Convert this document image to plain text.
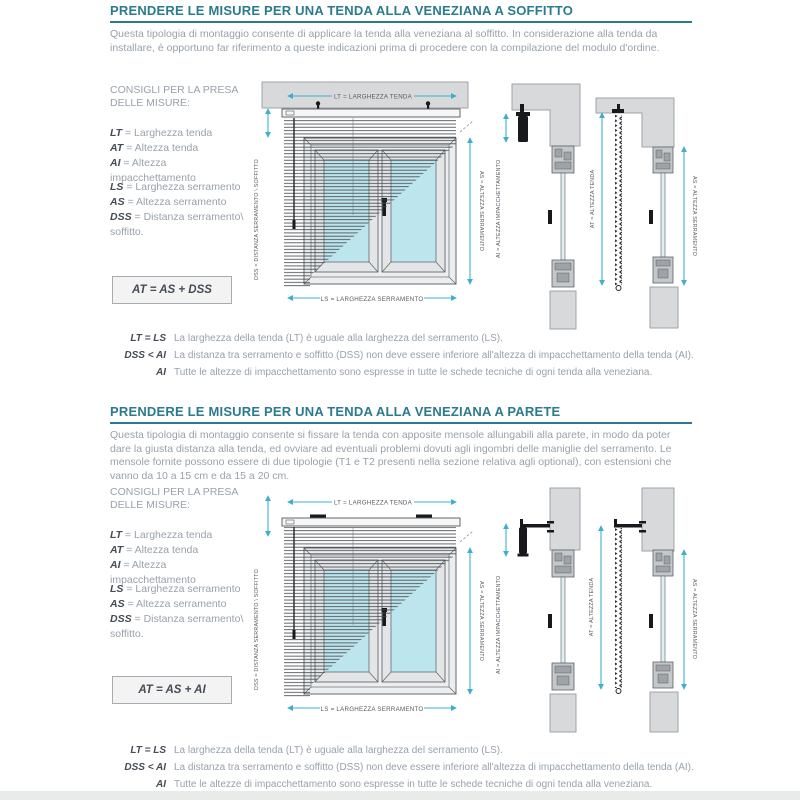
PRENDERE LE MISURE PER UNA TENDA ALLA VENEZIANA A SOFFITTO
Questa tipologia di montaggio consente di applicare la tenda alla veneziana al soffitto. In considerazione alla tenda da installare, è opportuno far riferimento a queste indicazioni prima di procedere con la compilazione del modulo d'ordine.
CONSIGLI PER LA PRESA DELLE MISURE:
LT = Larghezza tenda
AT = Altezza tenda
AI = Altezza impacchettamento
LS = Larghezza serramento
AS = Altezza serramento
DSS = Distanza serramento\ soffitto.
AT = AS + DSS
LT = LARGHEZZA TENDA
DSS = DISTANZA SERRAMENTO \ SOFFITTO	AS = ALTEZZA SERRAMENTO
LS = LARGHEZZA SERRAMENTO
AI = ALTEZZA IMPACCHETTAMENTO	AT = ALTEZZA TENDA	AS = ALTEZZA SERRAMENTO
LT = LS La larghezza della tenda (LT) è uguale alla larghezza del serramento (LS).
DSS < AI La distanza tra serramento e soffitto (DSS) non deve essere inferiore all'altezza di impacchettamento della tenda (AI).
AI Tutte le altezze di impacchettamento sono espresse in tutte le schede tecniche di ogni tenda alla veneziana.
PRENDERE LE MISURE PER UNA TENDA ALLA VENEZIANA A PARETE
Questa tipologia di montaggio consente si fissare la tenda con apposite mensole allungabili alla parete, in modo da poter dare la giusta distanza alla tenda, ed ovviare ad eventuali problemi dovuti agli ingombri delle maniglie del serramento. Le mensole fornite possono essere di due tipologie (T1 e T2 presenti nella sezione relativa agli optional), con estensioni che vanno da 10 a 15 cm e da 15 a 20 cm.
CONSIGLI PER LA PRESA DELLE MISURE:
LT = Larghezza tenda
AT = Altezza tenda
AI = Altezza impacchettamento
LS = Larghezza serramento
AS = Altezza serramento
DSS = Distanza serramento\ soffitto.
AT = AS + AI
LT = LARGHEZZA TENDA
DSS = DISTANZA SERRAMENTO \ SOFFITTO	AS = ALTEZZA SERRAMENTO
LS = LARGHEZZA SERRAMENTO
AI = ALTEZZA IMPACCHETTAMENTO	AT = ALTEZZA TENDA	AS = ALTEZZA SERRAMENTO
LT = LS La larghezza della tenda (LT) è uguale alla larghezza del serramento (LS).
DSS < AI La distanza tra serramento e soffitto (DSS) non deve essere inferiore all'altezza di impacchettamento della tenda (AI).
AI Tutte le altezze di impacchettamento sono espresse in tutte le schede tecniche di ogni tenda alla veneziana.
